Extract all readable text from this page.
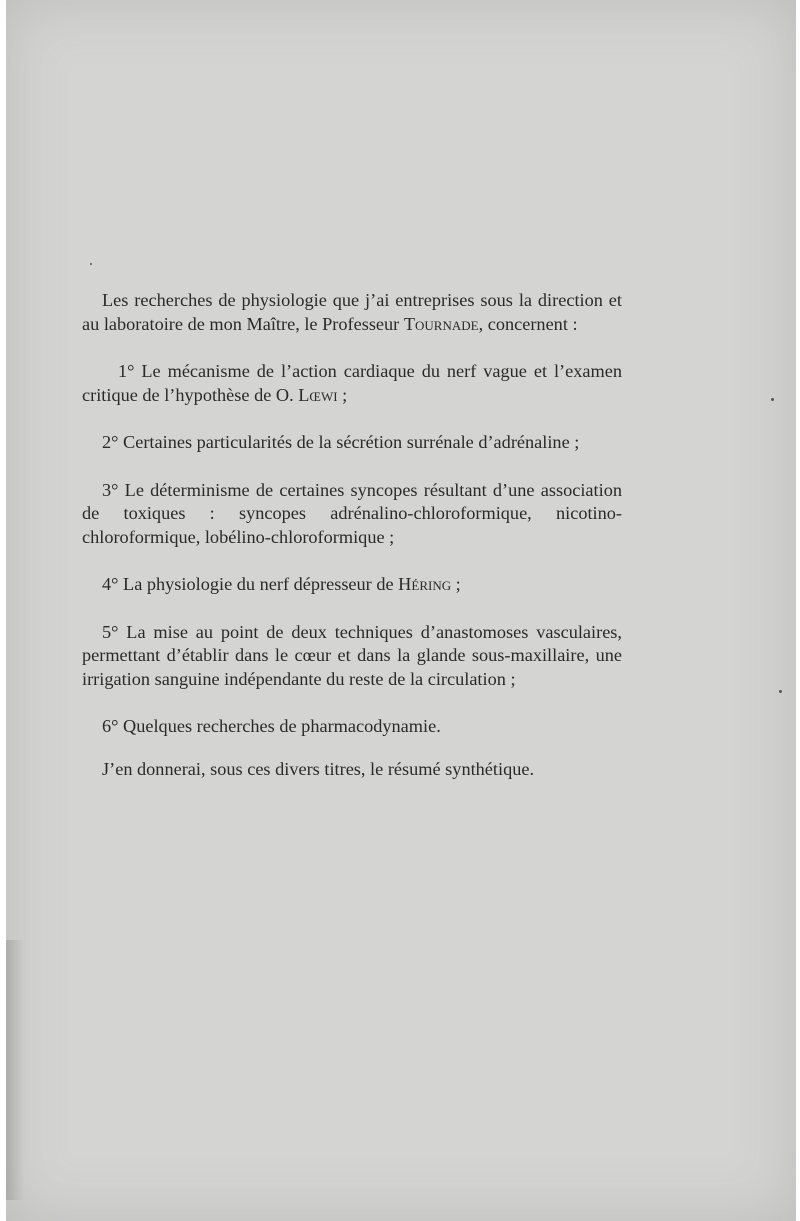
Les recherches de physiologie que j’ai entreprises sous la direction et au laboratoire de mon Maître, le Professeur Tournade, concernent :

1° Le mécanisme de l’action cardiaque du nerf vague et l’examen critique de l’hypothèse de O. Lœwi ;

2° Certaines particularités de la sécrétion surrénale d’adrénaline ;

3° Le déterminisme de certaines syncopes résultant d’une association de toxiques : syncopes adrénalino-chloroformique, nicotino-chloroformique, lobélino-chloroformique ;

4° La physiologie du nerf dépresseur de Héring ;

5° La mise au point de deux techniques d’anastomoses vasculaires, permettant d’établir dans le cœur et dans la glande sous-maxillaire, une irrigation sanguine indépendante du reste de la circulation ;

6° Quelques recherches de pharmacodynamie.

J’en donnerai, sous ces divers titres, le résumé synthétique.
